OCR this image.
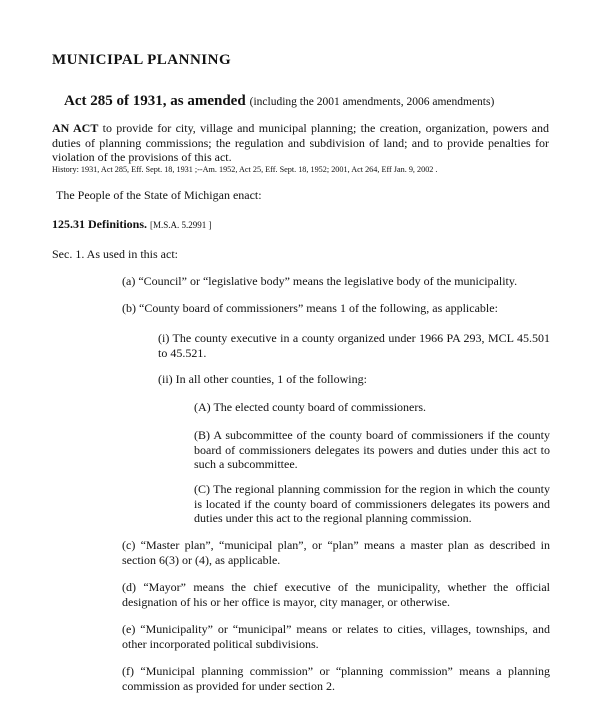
MUNICIPAL PLANNING

Act 285 of 1931, as amended (including the 2001 amendments, 2006 amendments)

AN ACT to provide for city, village and municipal planning; the creation, organization, powers and duties of planning commissions; the regulation and subdivision of land; and to provide penalties for violation of the provisions of this act.

History: 1931, Act 285, Eff. Sept. 18, 1931 ;--Am. 1952, Act 25, Eff. Sept. 18, 1952; 2001, Act 264, Eff Jan. 9, 2002 .

The People of the State of Michigan enact:

125.31 Definitions. [M.S.A. 5.2991 ]

Sec. 1. As used in this act:

(a) “Council” or “legislative body” means the legislative body of the municipality.

(b) “County board of commissioners” means 1 of the following, as applicable:

(i) The county executive in a county organized under 1966 PA 293, MCL 45.501 to 45.521.

(ii) In all other counties, 1 of the following:

(A) The elected county board of commissioners.

(B) A subcommittee of the county board of commissioners if the county board of commissioners delegates its powers and duties under this act to such a subcommittee.

(C) The regional planning commission for the region in which the county is located if the county board of commissioners delegates its powers and duties under this act to the regional planning commission.

(c) “Master plan”, “municipal plan”, or “plan” means a master plan as described in section 6(3) or (4), as applicable.

(d) “Mayor” means the chief executive of the municipality, whether the official designation of his or her office is mayor, city manager, or otherwise.

(e) “Municipality” or “municipal” means or relates to cities, villages, townships, and other incorporated political subdivisions.

(f) “Municipal planning commission” or “planning commission” means a planning commission as provided for under section 2.
